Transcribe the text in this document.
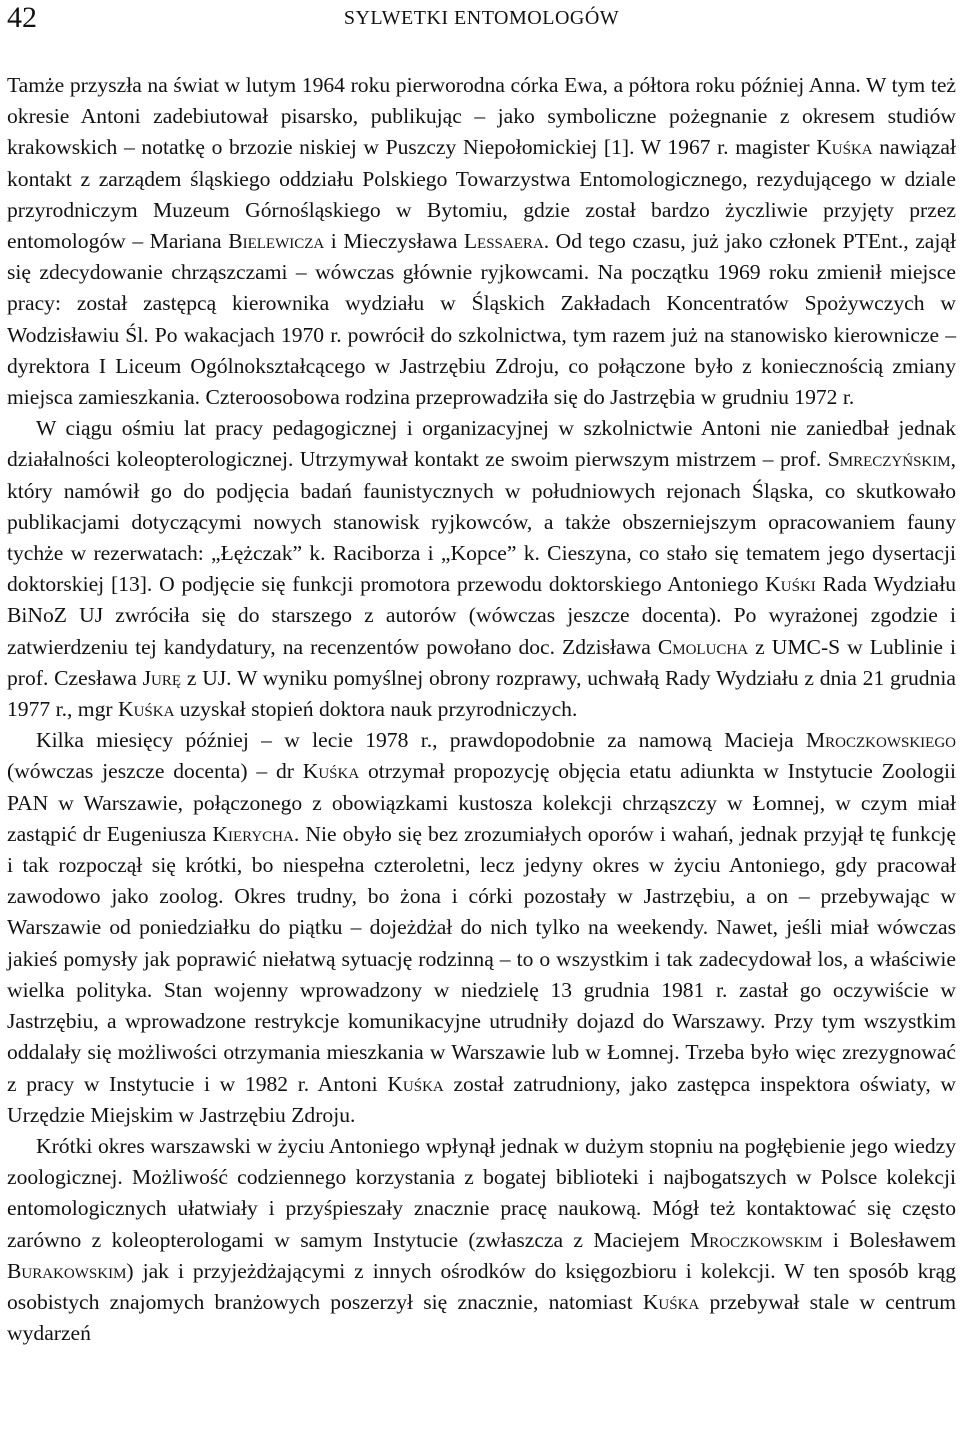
42	SYLWETKI ENTOMOLOGÓW

Tamże przyszła na świat w lutym 1964 roku pierworodna córka Ewa, a półtora roku później Anna. W tym też okresie Antoni zadebiutował pisarsko, publikując – jako symboliczne pożegnanie z okresem studiów krakowskich – notatkę o brzozie niskiej w Puszczy Niepołomickiej [1]. W 1967 r. magister Kuśka nawiązał kontakt z zarządem śląskiego oddziału Polskiego Towarzystwa Entomologicznego, rezydującego w dziale przyrodniczym Muzeum Górnośląskiego w Bytomiu, gdzie został bardzo życzliwie przyjęty przez entomologów – Mariana Bielewicza i Mieczysława Lessaera. Od tego czasu, już jako członek PTEnt., zajął się zdecydowanie chrząszczami – wówczas głównie ryjkowcami. Na początku 1969 roku zmienił miejsce pracy: został zastępcą kierownika wydziału w Śląskich Zakładach Koncentratów Spożywczych w Wodzisławiu Śl. Po wakacjach 1970 r. powrócił do szkolnictwa, tym razem już na stanowisko kierownicze – dyrektora I Liceum Ogólnokształcącego w Jastrzębiu Zdroju, co połączone było z koniecznością zmiany miejsca zamieszkania. Czteroosobowa rodzina przeprowadziła się do Jastrzębia w grudniu 1972 r.

W ciągu ośmiu lat pracy pedagogicznej i organizacyjnej w szkolnictwie Antoni nie zaniedbał jednak działalności koleopterologicznej. Utrzymywał kontakt ze swoim pierwszym mistrzem – prof. Smreczyńskim, który namówił go do podjęcia badań faunistycznych w południowych rejonach Śląska, co skutkowało publikacjami dotyczącymi nowych stanowisk ryjkowców, a także obszerniejszym opracowaniem fauny tychże w rezerwatach: „Łężczak” k. Raciborza i „Kopce” k. Cieszyna, co stało się tematem jego dysertacji doktorskiej [13]. O podjęcie się funkcji promotora przewodu doktorskiego Antoniego Kuśki Rada Wydziału BiNoZ UJ zwróciła się do starszego z autorów (wówczas jeszcze docenta). Po wyrażonej zgodzie i zatwierdzeniu tej kandydatury, na recenzentów powołano doc. Zdzisława Cmolucha z UMC-S w Lublinie i prof. Czesława Jurę z UJ. W wyniku pomyślnej obrony rozprawy, uchwałą Rady Wydziału z dnia 21 grudnia 1977 r., mgr Kuśka uzyskał stopień doktora nauk przyrodniczych.

Kilka miesięcy później – w lecie 1978 r., prawdopodobnie za namową Macieja Mroczkowskiego (wówczas jeszcze docenta) – dr Kuśka otrzymał propozycję objęcia etatu adiunkta w Instytucie Zoologii PAN w Warszawie, połączonego z obowiązkami kustosza kolekcji chrząszczy w Łomnej, w czym miał zastąpić dr Eugeniusza Kierycha. Nie obyło się bez zrozumiałych oporów i wahań, jednak przyjął tę funkcję i tak rozpoczął się krótki, bo niespełna czteroletni, lecz jedyny okres w życiu Antoniego, gdy pracował zawodowo jako zoolog. Okres trudny, bo żona i córki pozostały w Jastrzębiu, a on – przebywając w Warszawie od poniedziałku do piątku – dojeżdżał do nich tylko na weekendy. Nawet, jeśli miał wówczas jakieś pomysły jak poprawić niełatwą sytuację rodzinną – to o wszystkim i tak zadecydował los, a właściwie wielka polityka. Stan wojenny wprowadzony w niedzielę 13 grudnia 1981 r. zastał go oczywiście w Jastrzębiu, a wprowadzone restrykcje komunikacyjne utrudniły dojazd do Warszawy. Przy tym wszystkim oddalały się możliwości otrzymania mieszkania w Warszawie lub w Łomnej. Trzeba było więc zrezygnować z pracy w Instytucie i w 1982 r. Antoni Kuśka został zatrudniony, jako zastępca inspektora oświaty, w Urzędzie Miejskim w Jastrzębiu Zdroju.

Krótki okres warszawski w życiu Antoniego wpłynął jednak w dużym stopniu na pogłębienie jego wiedzy zoologicznej. Możliwość codziennego korzystania z bogatej biblioteki i najbogatszych w Polsce kolekcji entomologicznych ułatwiały i przyśpieszały znacznie pracę naukową. Mógł też kontaktować się często zarówno z koleopterologami w samym Instytucie (zwłaszcza z Maciejem Mroczkowskim i Bolesławem Burakowskim) jak i przyjeżdżającymi z innych ośrodków do księgozbioru i kolekcji. W ten sposób krąg osobistych znajomych branżowych poszerzył się znacznie, natomiast Kuśka przebywał stale w centrum wydarzeń
